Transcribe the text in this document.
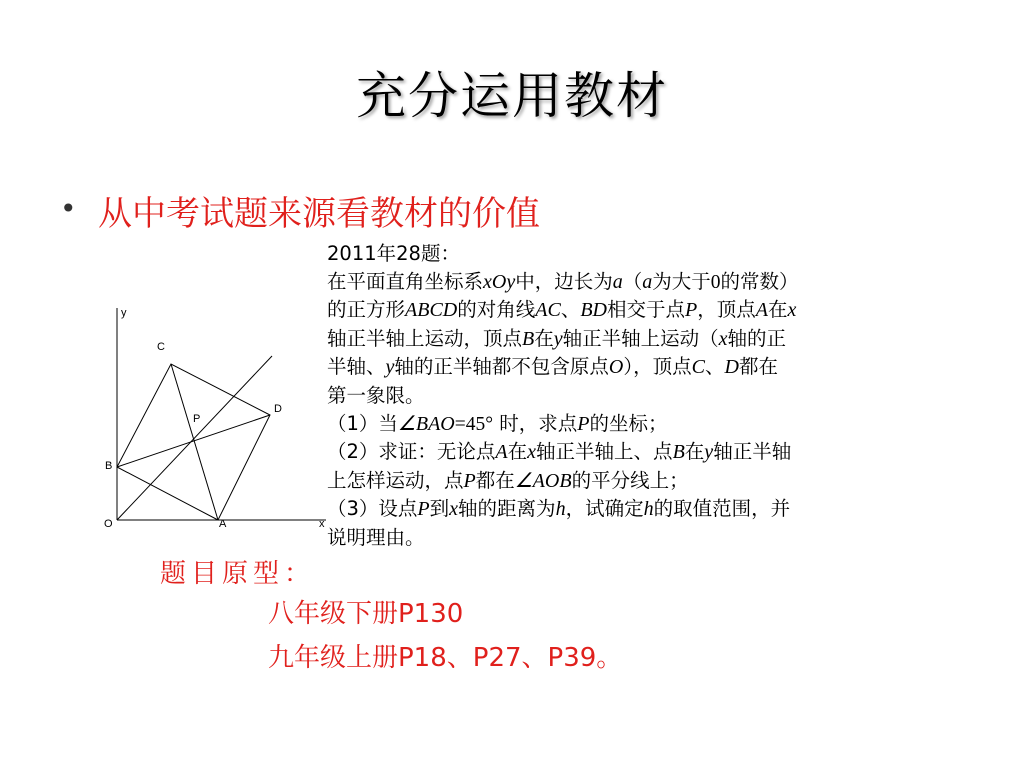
充分运用教材
• 从中考试题来源看教材的价值
2011年28题：
在平面直角坐标系xOy中，边长为a（a为大于0的常数）
的正方形ABCD的对角线AC、BD相交于点P，顶点A在x
轴正半轴上运动，顶点B在y轴正半轴上运动（x轴的正
半轴、y轴的正半轴都不包含原点O），顶点C、D都在
第一象限。
（1）当∠BAO=45° 时，求点P的坐标；
（2）求证：无论点A在x轴正半轴上、点B在y轴正半轴
上怎样运动，点P都在∠AOB的平分线上；
（3）设点P到x轴的距离为h，试确定h的取值范围，并
说明理由。
y
x
O	A
B
C
D
P
题目原型：
八年级下册P130
九年级上册P18、P27、P39。
